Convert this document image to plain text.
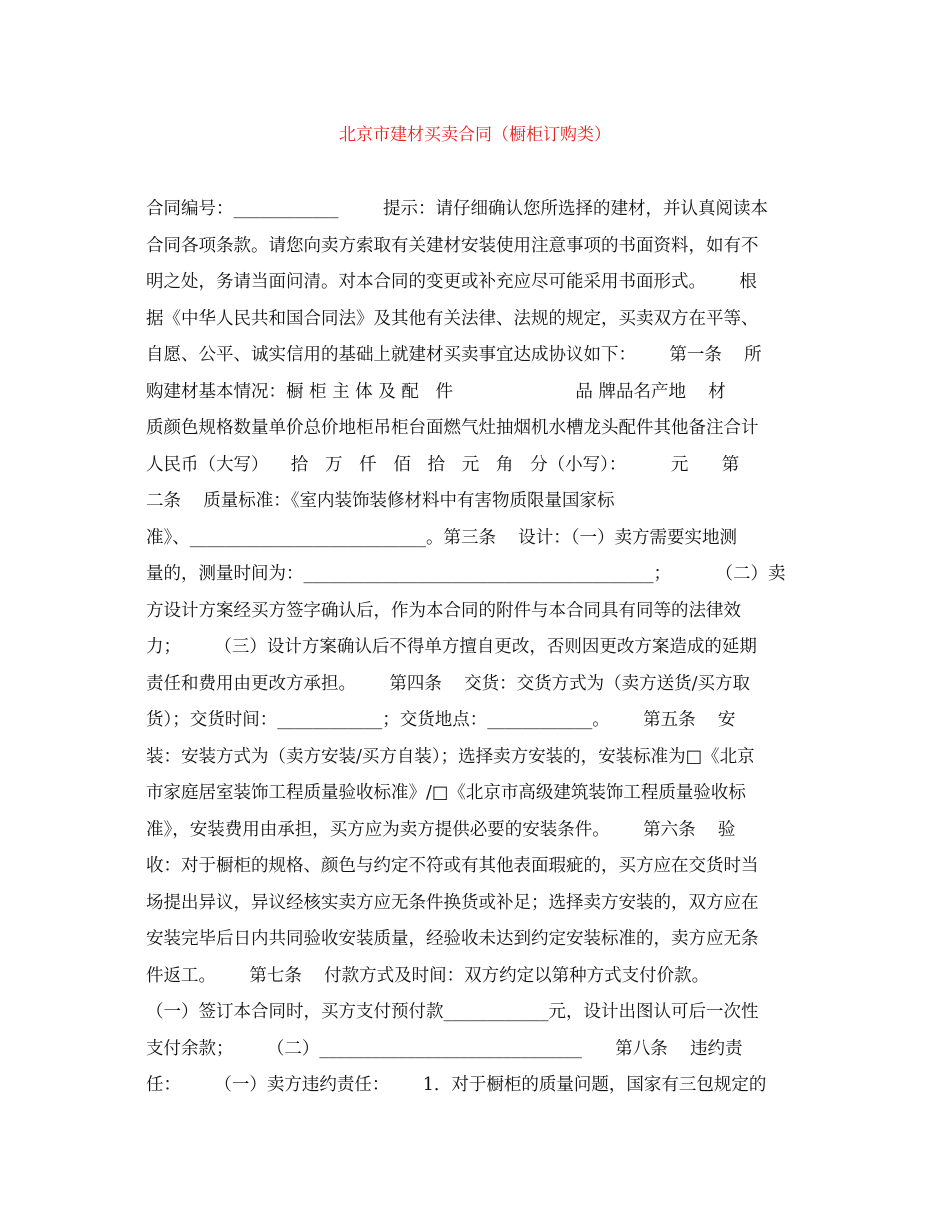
北京市建材买卖合同（橱柜订购类）

合同编号：____________        提示：请仔细确认您所选择的建材，并认真阅读本

合同各项条款。请您向卖方索取有关建材安装使用注意事项的书面资料，如有不

明之处，务请当面问清。对本合同的变更或补充应尽可能采用书面形式。      根

据《中华人民共和国合同法》及其他有关法律、法规的规定，买卖双方在平等、

自愿、公平、诚实信用的基础上就建材买卖事宜达成协议如下：      第一条    所

购建材基本情况：橱 柜 主 体 及 配   件                      品 牌品名产地    材

质颜色规格数量单价总价地柜吊柜台面燃气灶抽烟机水槽龙头配件其他备注合计

人民币（大写）    拾   万   仟   佰   拾   元   角   分（小写）：        元      第

二条    质量标准：《室内装饰装修材料中有害物质限量国家标

准》、___________________________。第三条    设计：（一）卖方需要实地测

量的，测量时间为：________________________________________；        （二）卖

方设计方案经买方签字确认后，作为本合同的附件与本合同具有同等的法律效

力；      （三）设计方案确认后不得单方擅自更改，否则因更改方案造成的延期

责任和费用由更改方承担。      第四条    交货：交货方式为（卖方送货/买方取

货）；交货时间：____________；交货地点：____________。      第五条    安

装：安装方式为（卖方安装/买方自装）；选择卖方安装的，安装标准为□《北京

市家庭居室装饰工程质量验收标准》/□《北京市高级建筑装饰工程质量验收标

准》，安装费用由承担，买方应为卖方提供必要的安装条件。      第六条    验

收：对于橱柜的规格、颜色与约定不符或有其他表面瑕疵的，买方应在交货时当

场提出异议，异议经核实卖方应无条件换货或补足；选择卖方安装的，双方应在

安装完毕后日内共同验收安装质量，经验收未达到约定安装标准的，卖方应无条

件返工。      第七条    付款方式及时间：双方约定以第种方式支付价款。

（一）签订本合同时，买方支付预付款____________元，设计出图认可后一次性

支付余款；      （二）______________________________      第八条    违约责

任：      （一）卖方违约责任：      1．对于橱柜的质量问题，国家有三包规定的
